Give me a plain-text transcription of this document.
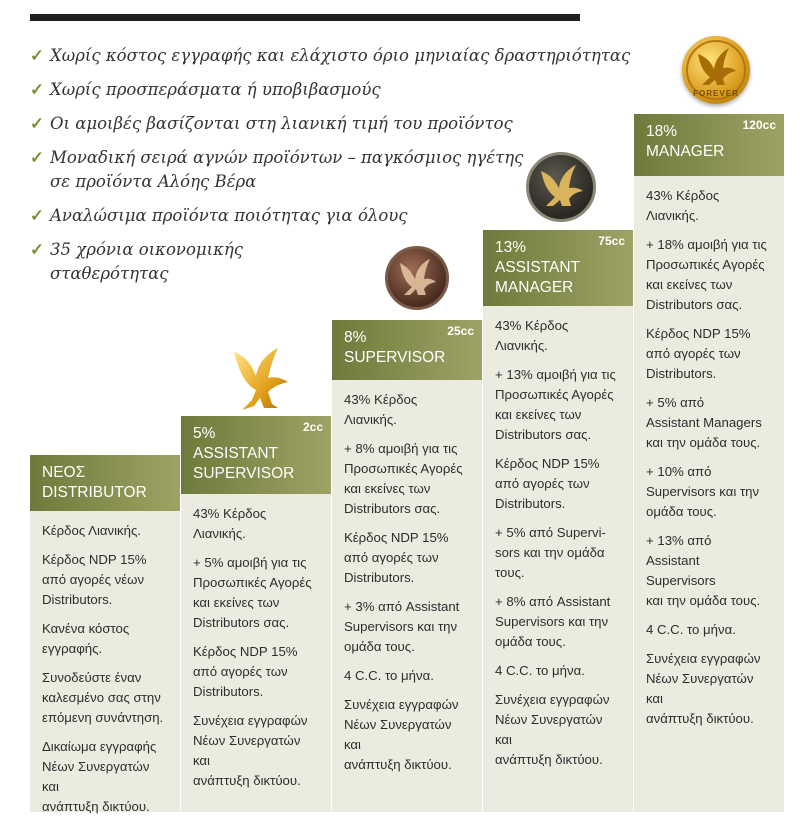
✓ Χωρίς κόστος εγγραφής και ελάχιστο όριο μηνιαίας δραστηριότητας
✓ Χωρίς προσπεράσματα ή υποβιβασμούς
✓ Οι αμοιβές βασίζονται στη λιανική τιμή του προϊόντος
✓ Μοναδική σειρά αγνών προϊόντων – παγκόσμιος ηγέτης
σε προϊόντα Αλόης Βέρα
✓ Αναλώσιμα προϊόντα ποιότητας για όλους
✓ 35 χρόνια οικονομικής
σταθερότητας
FOREVER
ΝΕΟΣ
DISTRIBUTOR

Κέρδος Λιανικής.

Κέρδος NDP 15%
από αγορές νέων
Distributors.

Κανένα κόστος
εγγραφής.

Συνοδεύστε έναν
καλεσμένο σας στην
επόμενη συνάντηση.

Δικαίωμα εγγραφής
Νέων Συνεργατών και
ανάπτυξη δικτύου.

2cc
5%
ASSISTANT
SUPERVISOR

43% Κέρδος Λιανικής.

+ 5% αμοιβή για τις
Προσωπικές Αγορές
και εκείνες των
Distributors σας.

Κέρδος NDP 15%
από αγορές των
Distributors.

Συνέχεια εγγραφών
Νέων Συνεργατών και
ανάπτυξη δικτύου.

25cc
8%
SUPERVISOR

43% Κέρδος Λιανικής.

+ 8% αμοιβή για τις
Προσωπικές Αγορές
και εκείνες των
Distributors σας.

Κέρδος NDP 15%
από αγορές των
Distributors.

+ 3% από Assistant
Supervisors και την
ομάδα τους.

4 C.C. το μήνα.

Συνέχεια εγγραφών
Νέων Συνεργατών και
ανάπτυξη δικτύου.

75cc
13%
ASSISTANT
MANAGER

43% Κέρδος Λιανικής.

+ 13% αμοιβή για τις
Προσωπικές Αγορές
και εκείνες των
Distributors σας.

Κέρδος NDP 15%
από αγορές των
Distributors.

+ 5% από Supervi-
sors και την ομάδα
τους.

+ 8% από Assistant
Supervisors και την
ομάδα τους.

4 C.C. το μήνα.

Συνέχεια εγγραφών
Νέων Συνεργατών και
ανάπτυξη δικτύου.

120cc
18%
MANAGER

43% Κέρδος Λιανικής.

+ 18% αμοιβή για τις
Προσωπικές Αγορές
και εκείνες των
Distributors σας.

Κέρδος NDP 15%
από αγορές των
Distributors.

+ 5% από
Assistant Managers
και την ομάδα τους.

+ 10% από
Supervisors και την
ομάδα τους.

+ 13% από
Assistant Supervisors
και την ομάδα τους.

4 C.C. το μήνα.

Συνέχεια εγγραφών
Νέων Συνεργατών και
ανάπτυξη δικτύου.
